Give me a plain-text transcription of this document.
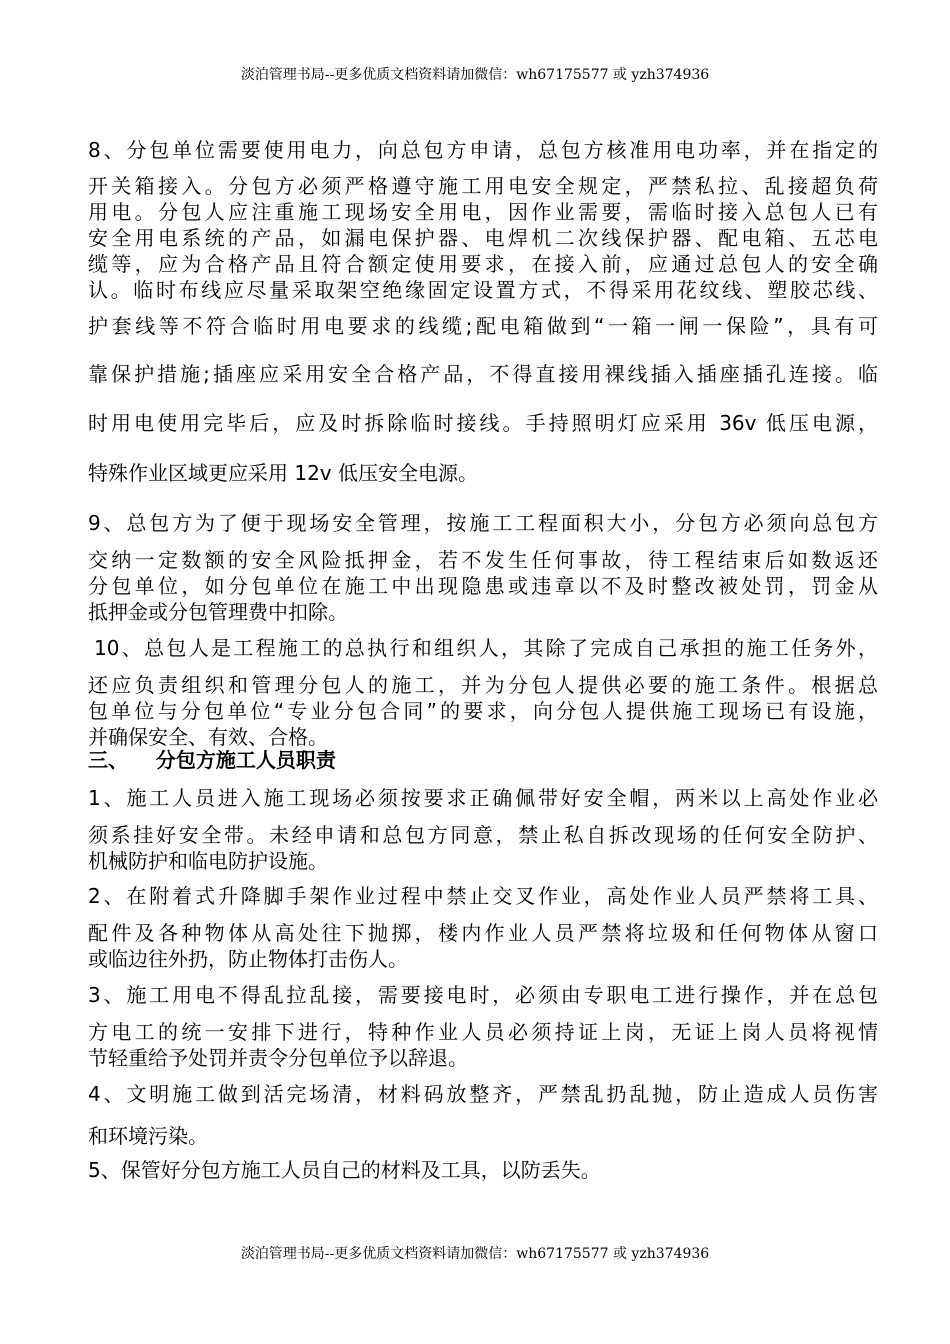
淡泊管理书局--更多优质文档资料请加微信：wh67175577 或 yzh374936
8、分包单位需要使用电力，向总包方申请，总包方核准用电功率，并在指定的
开关箱接入。分包方必须严格遵守施工用电安全规定，严禁私拉、乱接超负荷
用电。分包人应注重施工现场安全用电，因作业需要，需临时接入总包人已有
安全用电系统的产品，如漏电保护器、电焊机二次线保护器、配电箱、五芯电
缆等，应为合格产品且符合额定使用要求，在接入前，应通过总包人的安全确
认。临时布线应尽量采取架空绝缘固定设置方式，不得采用花纹线、塑胶芯线、
护套线等不符合临时用电要求的线缆;配电箱做到“一箱一闸一保险”，具有可
靠保护措施;插座应采用安全合格产品，不得直接用裸线插入插座插孔连接。临
时用电使用完毕后，应及时拆除临时接线。手持照明灯应采用 36v 低压电源，
特殊作业区域更应采用 12v 低压安全电源。
9、总包方为了便于现场安全管理，按施工工程面积大小，分包方必须向总包方
交纳一定数额的安全风险抵押金，若不发生任何事故，待工程结束后如数返还
分包单位，如分包单位在施工中出现隐患或违章以不及时整改被处罚，罚金从
抵押金或分包管理费中扣除。
10、总包人是工程施工的总执行和组织人，其除了完成自己承担的施工任务外，
还应负责组织和管理分包人的施工，并为分包人提供必要的施工条件。根据总
包单位与分包单位“专业分包合同”的要求，向分包人提供施工现场已有设施，
并确保安全、有效、合格。
三、    分包方施工人员职责
1、施工人员进入施工现场必须按要求正确佩带好安全帽，两米以上高处作业必
须系挂好安全带。未经申请和总包方同意，禁止私自拆改现场的任何安全防护、
机械防护和临电防护设施。
2、在附着式升降脚手架作业过程中禁止交叉作业，高处作业人员严禁将工具、
配件及各种物体从高处往下抛掷，楼内作业人员严禁将垃圾和任何物体从窗口
或临边往外扔，防止物体打击伤人。
3、施工用电不得乱拉乱接，需要接电时，必须由专职电工进行操作，并在总包
方电工的统一安排下进行，特种作业人员必须持证上岗，无证上岗人员将视情
节轻重给予处罚并责令分包单位予以辞退。
4、文明施工做到活完场清，材料码放整齐，严禁乱扔乱抛，防止造成人员伤害
和环境污染。
5、保管好分包方施工人员自己的材料及工具，以防丢失。
淡泊管理书局--更多优质文档资料请加微信：wh67175577 或 yzh374936
